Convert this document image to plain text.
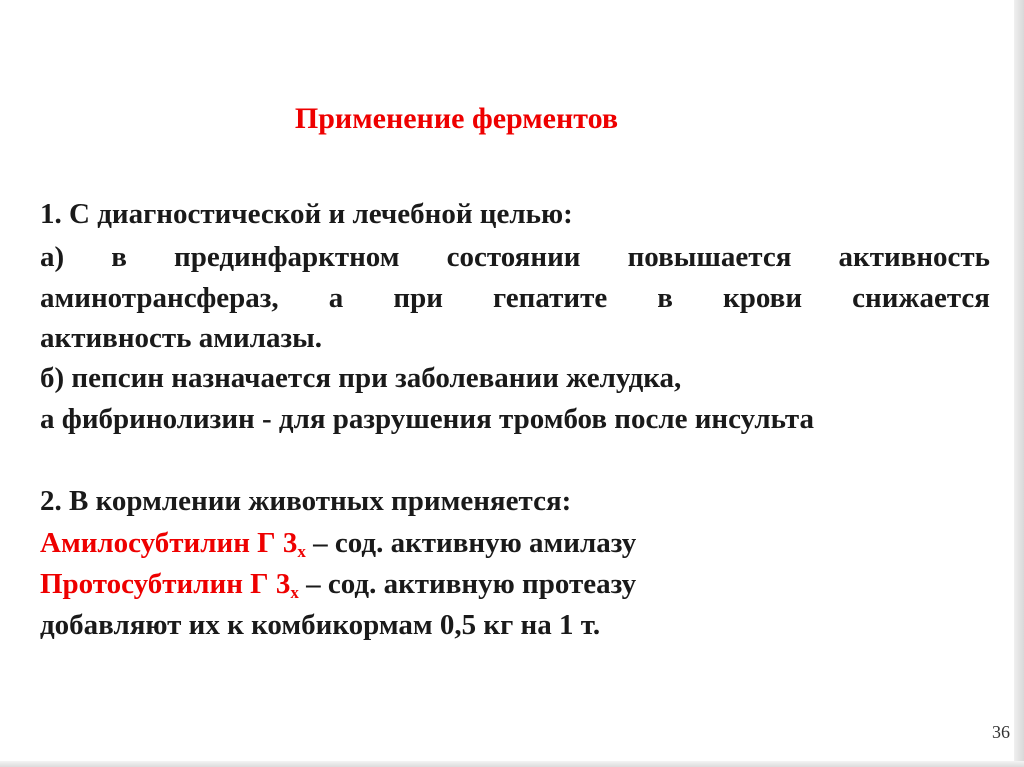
Применение ферментов
1. С диагностической и лечебной целью:
а) в прединфарктном состоянии повышается активность
аминотрансфераз, а при гепатите в крови снижается
активность амилазы.
б) пепсин назначается при заболевании желудка,
а фибринолизин - для разрушения тромбов после инсульта
2. В кормлении животных применяется:
Амилосубтилин Г $3_х$ – сод. активную амилазу
Протосубтилин Г $3_х$ – сод. активную протеазу
добавляют их к комбикормам 0,5 кг на 1 т.
36
